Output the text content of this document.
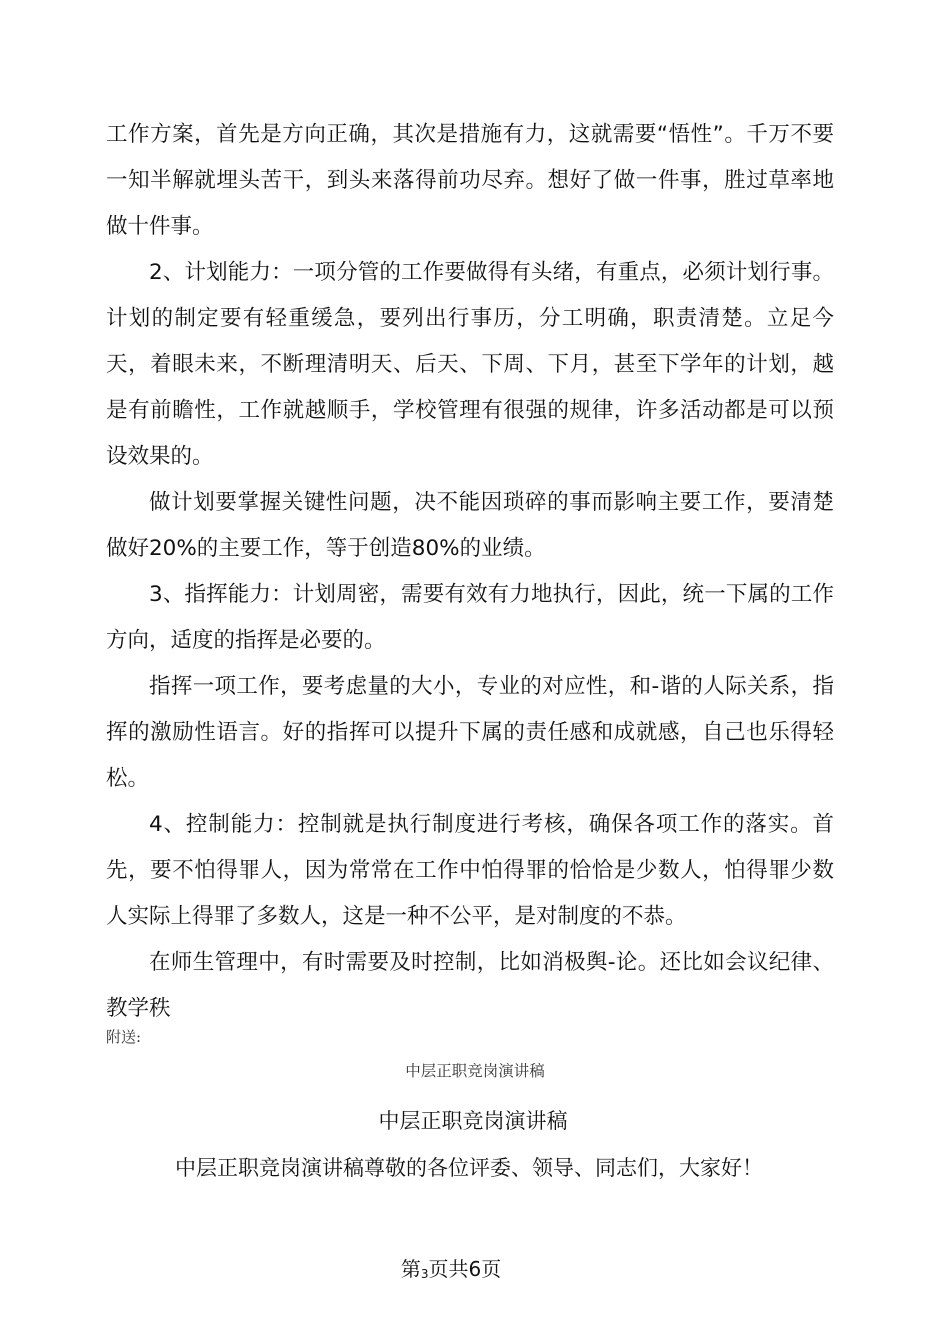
工作方案，首先是方向正确，其次是措施有力，这就需要“悟性”。千万不要一知半解就埋头苦干，到头来落得前功尽弃。想好了做一件事，胜过草率地做十件事。

2、计划能力：一项分管的工作要做得有头绪，有重点，必须计划行事。计划的制定要有轻重缓急，要列出行事历，分工明确，职责清楚。立足今天，着眼未来，不断理清明天、后天、下周、下月，甚至下学年的计划，越是有前瞻性，工作就越顺手，学校管理有很强的规律，许多活动都是可以预设效果的。

做计划要掌握关键性问题，决不能因琐碎的事而影响主要工作，要清楚做好20%的主要工作，等于创造80%的业绩。

3、指挥能力：计划周密，需要有效有力地执行，因此，统一下属的工作方向，适度的指挥是必要的。

指挥一项工作，要考虑量的大小，专业的对应性，和-谐的人际关系，指挥的激励性语言。好的指挥可以提升下属的责任感和成就感，自己也乐得轻松。

4、控制能力：控制就是执行制度进行考核，确保各项工作的落实。首先，要不怕得罪人，因为常常在工作中怕得罪的恰恰是少数人，怕得罪少数人实际上得罪了多数人，这是一种不公平，是对制度的不恭。

在师生管理中，有时需要及时控制，比如消极舆-论。还比如会议纪律、教学秩

附送:
中层正职竞岗演讲稿
中层正职竞岗演讲稿
中层正职竞岗演讲稿尊敬的各位评委、领导、同志们，大家好！
第3页共6页
